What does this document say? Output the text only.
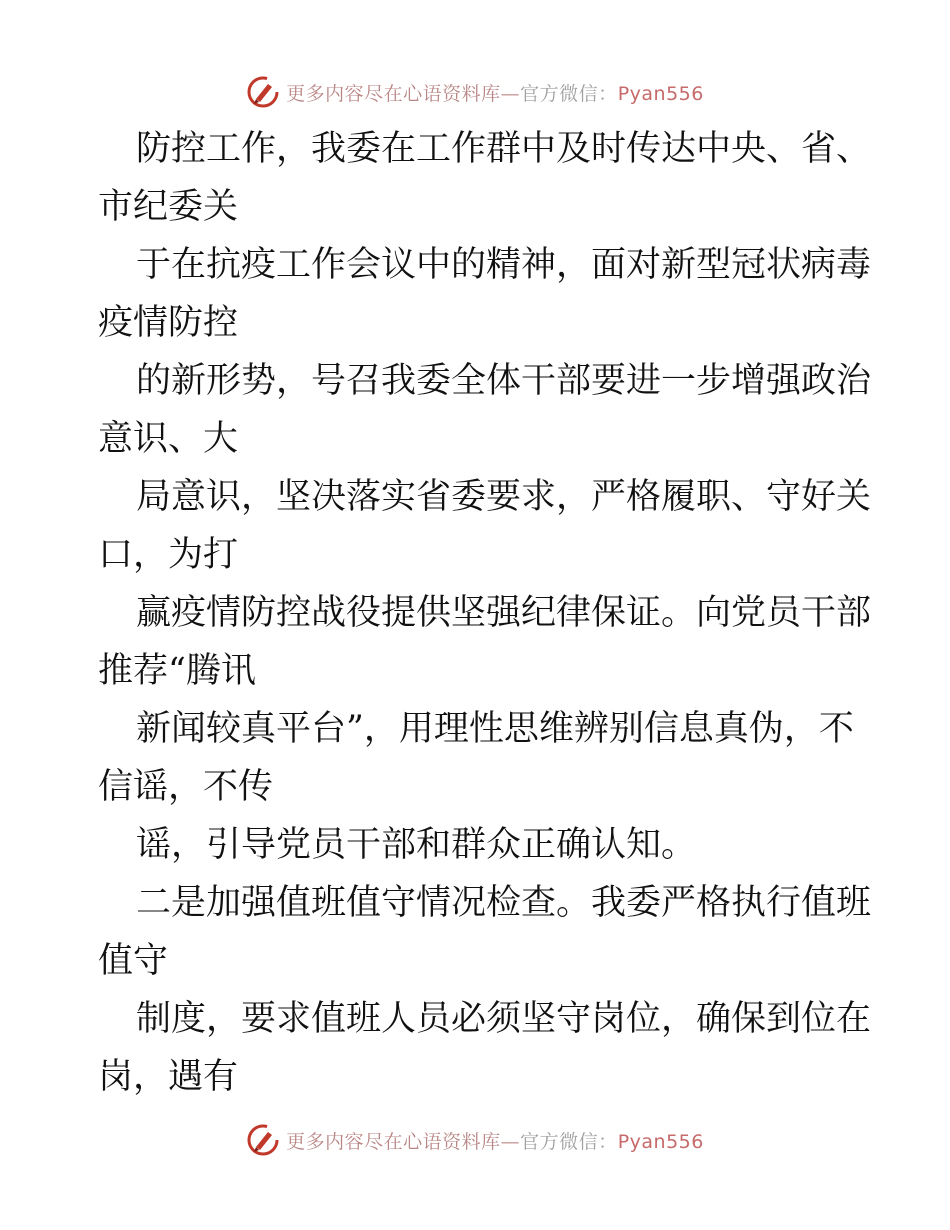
更多内容尽在心语资料库—官方微信：Pyan556
防控工作，我委在工作群中及时传达中央、省、
市纪委关
于在抗疫工作会议中的精神，面对新型冠状病毒
疫情防控
的新形势，号召我委全体干部要进一步增强政治
意识、大
局意识，坚决落实省委要求，严格履职、守好关
口，为打
赢疫情防控战役提供坚强纪律保证。向党员干部
推荐“腾讯
新闻较真平台”，用理性思维辨别信息真伪，不
信谣，不传
谣，引导党员干部和群众正确认知。
二是加强值班值守情况检查。我委严格执行值班
值守
制度，要求值班人员必须坚守岗位，确保到位在
岗，遇有
更多内容尽在心语资料库—官方微信：Pyan556
